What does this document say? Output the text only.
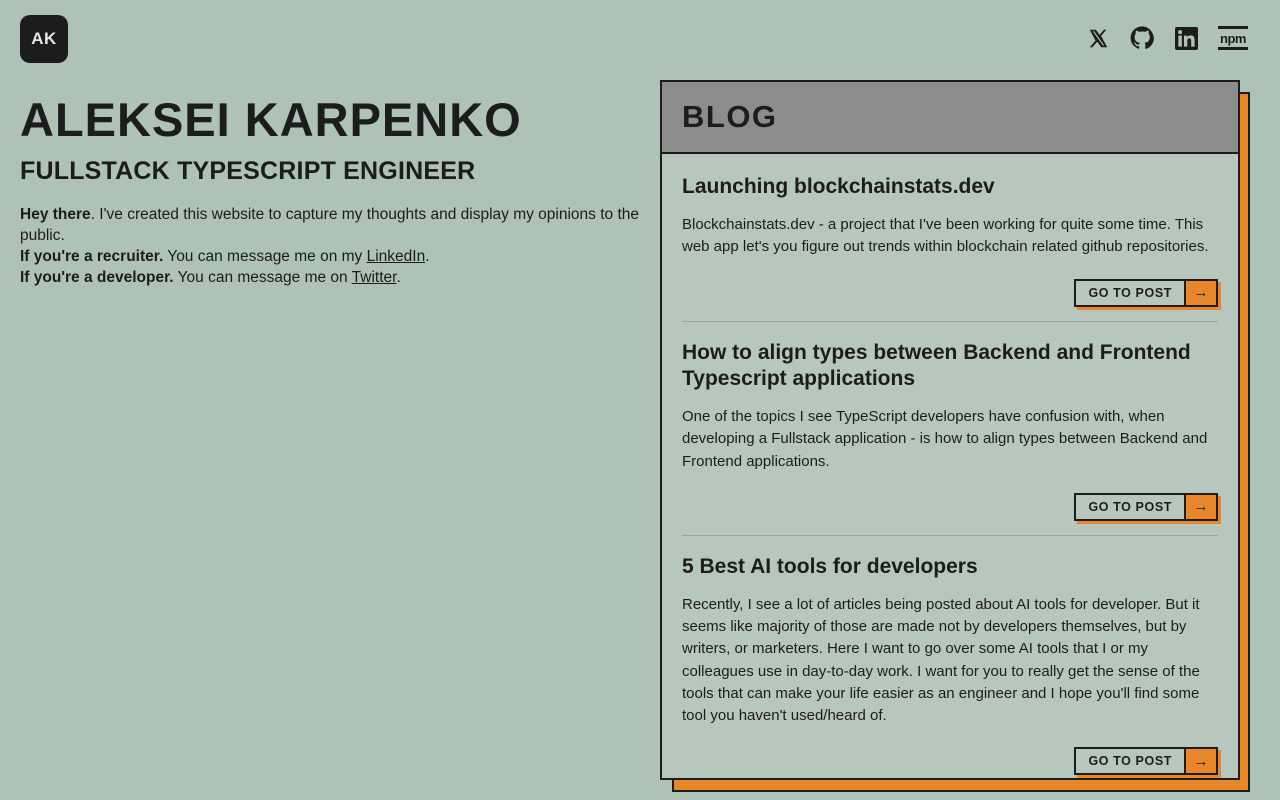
AK	npm
ALEKSEI KARPENKO
FULLSTACK TYPESCRIPT ENGINEER

Hey there. I've created this website to capture my thoughts and display my opinions to the public.

If you're a recruiter. You can message me on my LinkedIn.

If you're a developer. You can message me on Twitter.

BLOG
Launching blockchainstats.dev

Blockchainstats.dev - a project that I've been working for quite some time. This web app let's you figure out trends within blockchain related github repositories.

GO TO POST	→
How to align types between Backend and Frontend Typescript applications

One of the topics I see TypeScript developers have confusion with, when developing a Fullstack application - is how to align types between Backend and Frontend applications.

GO TO POST	→
5 Best AI tools for developers

Recently, I see a lot of articles being posted about AI tools for developer. But it seems like majority of those are made not by developers themselves, but by writers, or marketers. Here I want to go over some AI tools that I or my colleagues use in day-to-day work. I want for you to really get the sense of the tools that can make your life easier as an engineer and I hope you'll find some tool you haven't used/heard of.

GO TO POST	→
